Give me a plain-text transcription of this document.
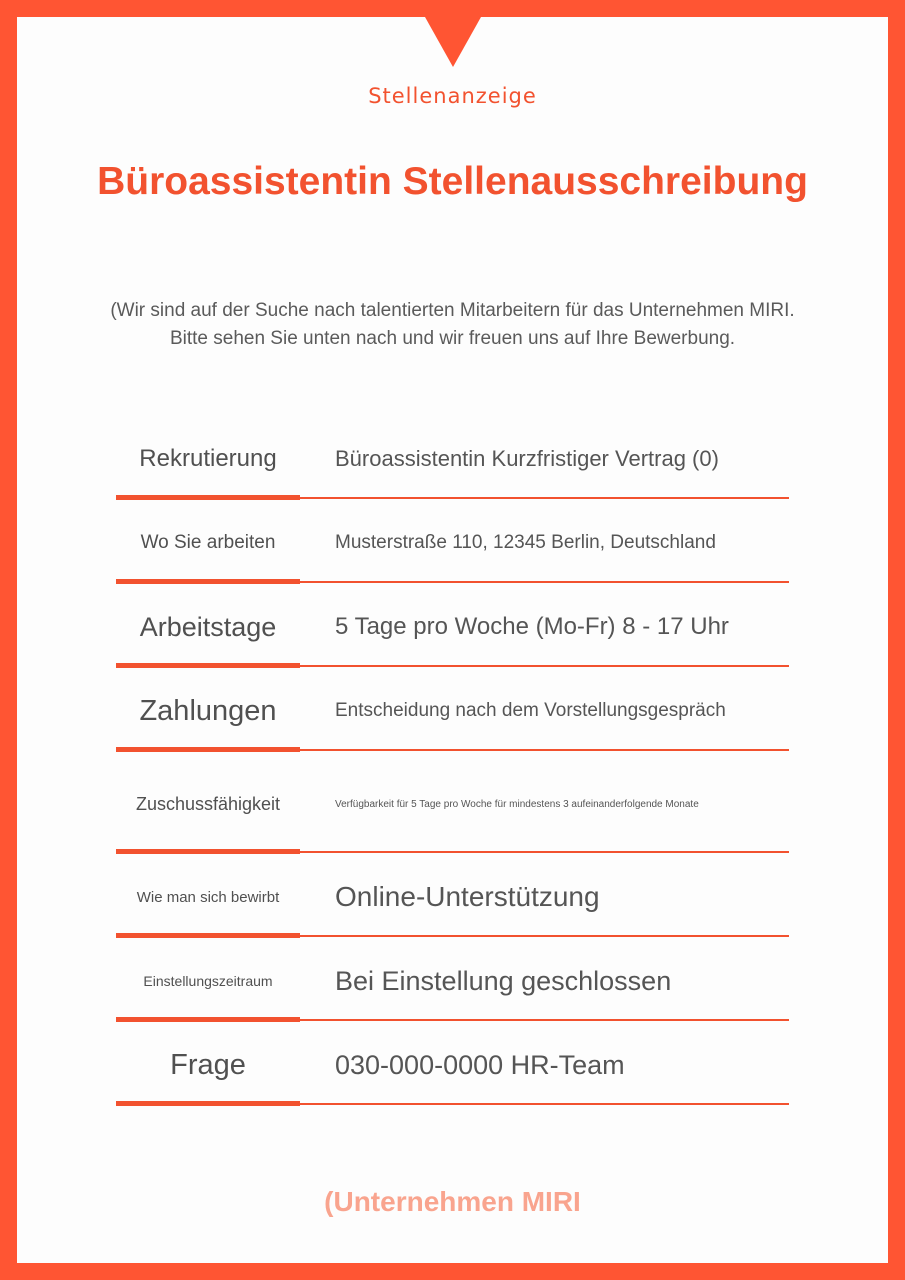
Stellenanzeige
Büroassistentin Stellenausschreibung
(Wir sind auf der Suche nach talentierten Mitarbeitern für das Unternehmen MIRI.
Bitte sehen Sie unten nach und wir freuen uns auf Ihre Bewerbung.
Rekrutierung	Büroassistentin Kurzfristiger Vertrag (0)
Wo Sie arbeiten	Musterstraße 110, 12345 Berlin, Deutschland
Arbeitstage	5 Tage pro Woche (Mo-Fr) 8 - 17 Uhr
Zahlungen	Entscheidung nach dem Vorstellungsgespräch
Zuschussfähigkeit	Verfügbarkeit für 5 Tage pro Woche für mindestens 3 aufeinanderfolgende Monate
Wie man sich bewirbt	Online-Unterstützung
Einstellungszeitraum	Bei Einstellung geschlossen
Frage	030-000-0000 HR-Team
(Unternehmen MIRI
